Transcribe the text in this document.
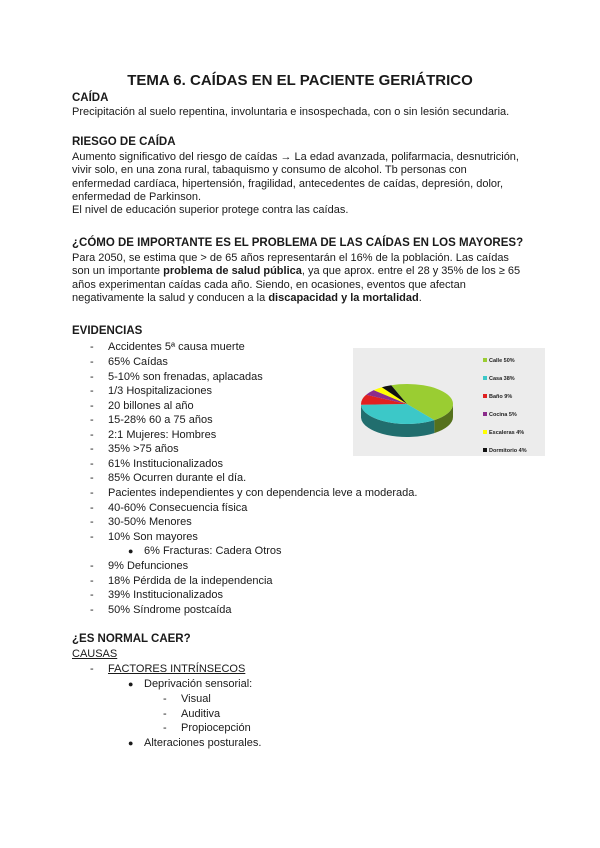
TEMA 6. CAÍDAS EN EL PACIENTE GERIÁTRICO
CAÍDA
Precipitación al suelo repentina, involuntaria e insospechada, con o sin lesión secundaria.
RIESGO DE CAÍDA
Aumento significativo del riesgo de caídas → La edad avanzada, polifarmacia, desnutrición,
vivir solo, en una zona rural, tabaquismo y consumo de alcohol. Tb personas con
enfermedad cardíaca, hipertensión, fragilidad, antecedentes de caídas, depresión, dolor,
enfermedad de Parkinson.
El nivel de educación superior protege contra las caídas.
¿CÓMO DE IMPORTANTE ES EL PROBLEMA DE LAS CAÍDAS EN LOS MAYORES?
Para 2050, se estima que > de 65 años representarán el 16% de la población. Las caídas
son un importante problema de salud pública, ya que aprox. entre el 28 y 35% de los ≥ 65
años experimentan caídas cada año. Siendo, en ocasiones, eventos que afectan
negativamente la salud y conducen a la discapacidad y la mortalidad.
EVIDENCIAS
- Accidentes 5ª causa muerte
- 65% Caídas
- 5-10% son frenadas, aplacadas
- 1/3 Hospitalizaciones
- 20 billones al año
- 15-28% 60 a 75 años
- 2:1 Mujeres: Hombres
- 35% >75 años
- 61% Institucionalizados
- 85% Ocurren durante el día.
- Pacientes independientes y con dependencia leve a moderada.
- 40-60% Consecuencia física
- 30-50% Menores
- 10% Son mayores
● 6% Fracturas: Cadera Otros
- 9% Defunciones
- 18% Pérdida de la independencia
- 39% Institucionalizados
- 50% Síndrome postcaída
Calle 50%
Casa 38%
Baño 9%
Cocina 5%
Escaleras 4%
Dormitorio 4%
¿ES NORMAL CAER?
CAUSAS
- FACTORES INTRÍNSECOS
● Deprivación sensorial:
- Visual
- Auditiva
- Propiocepción
● Alteraciones posturales.
